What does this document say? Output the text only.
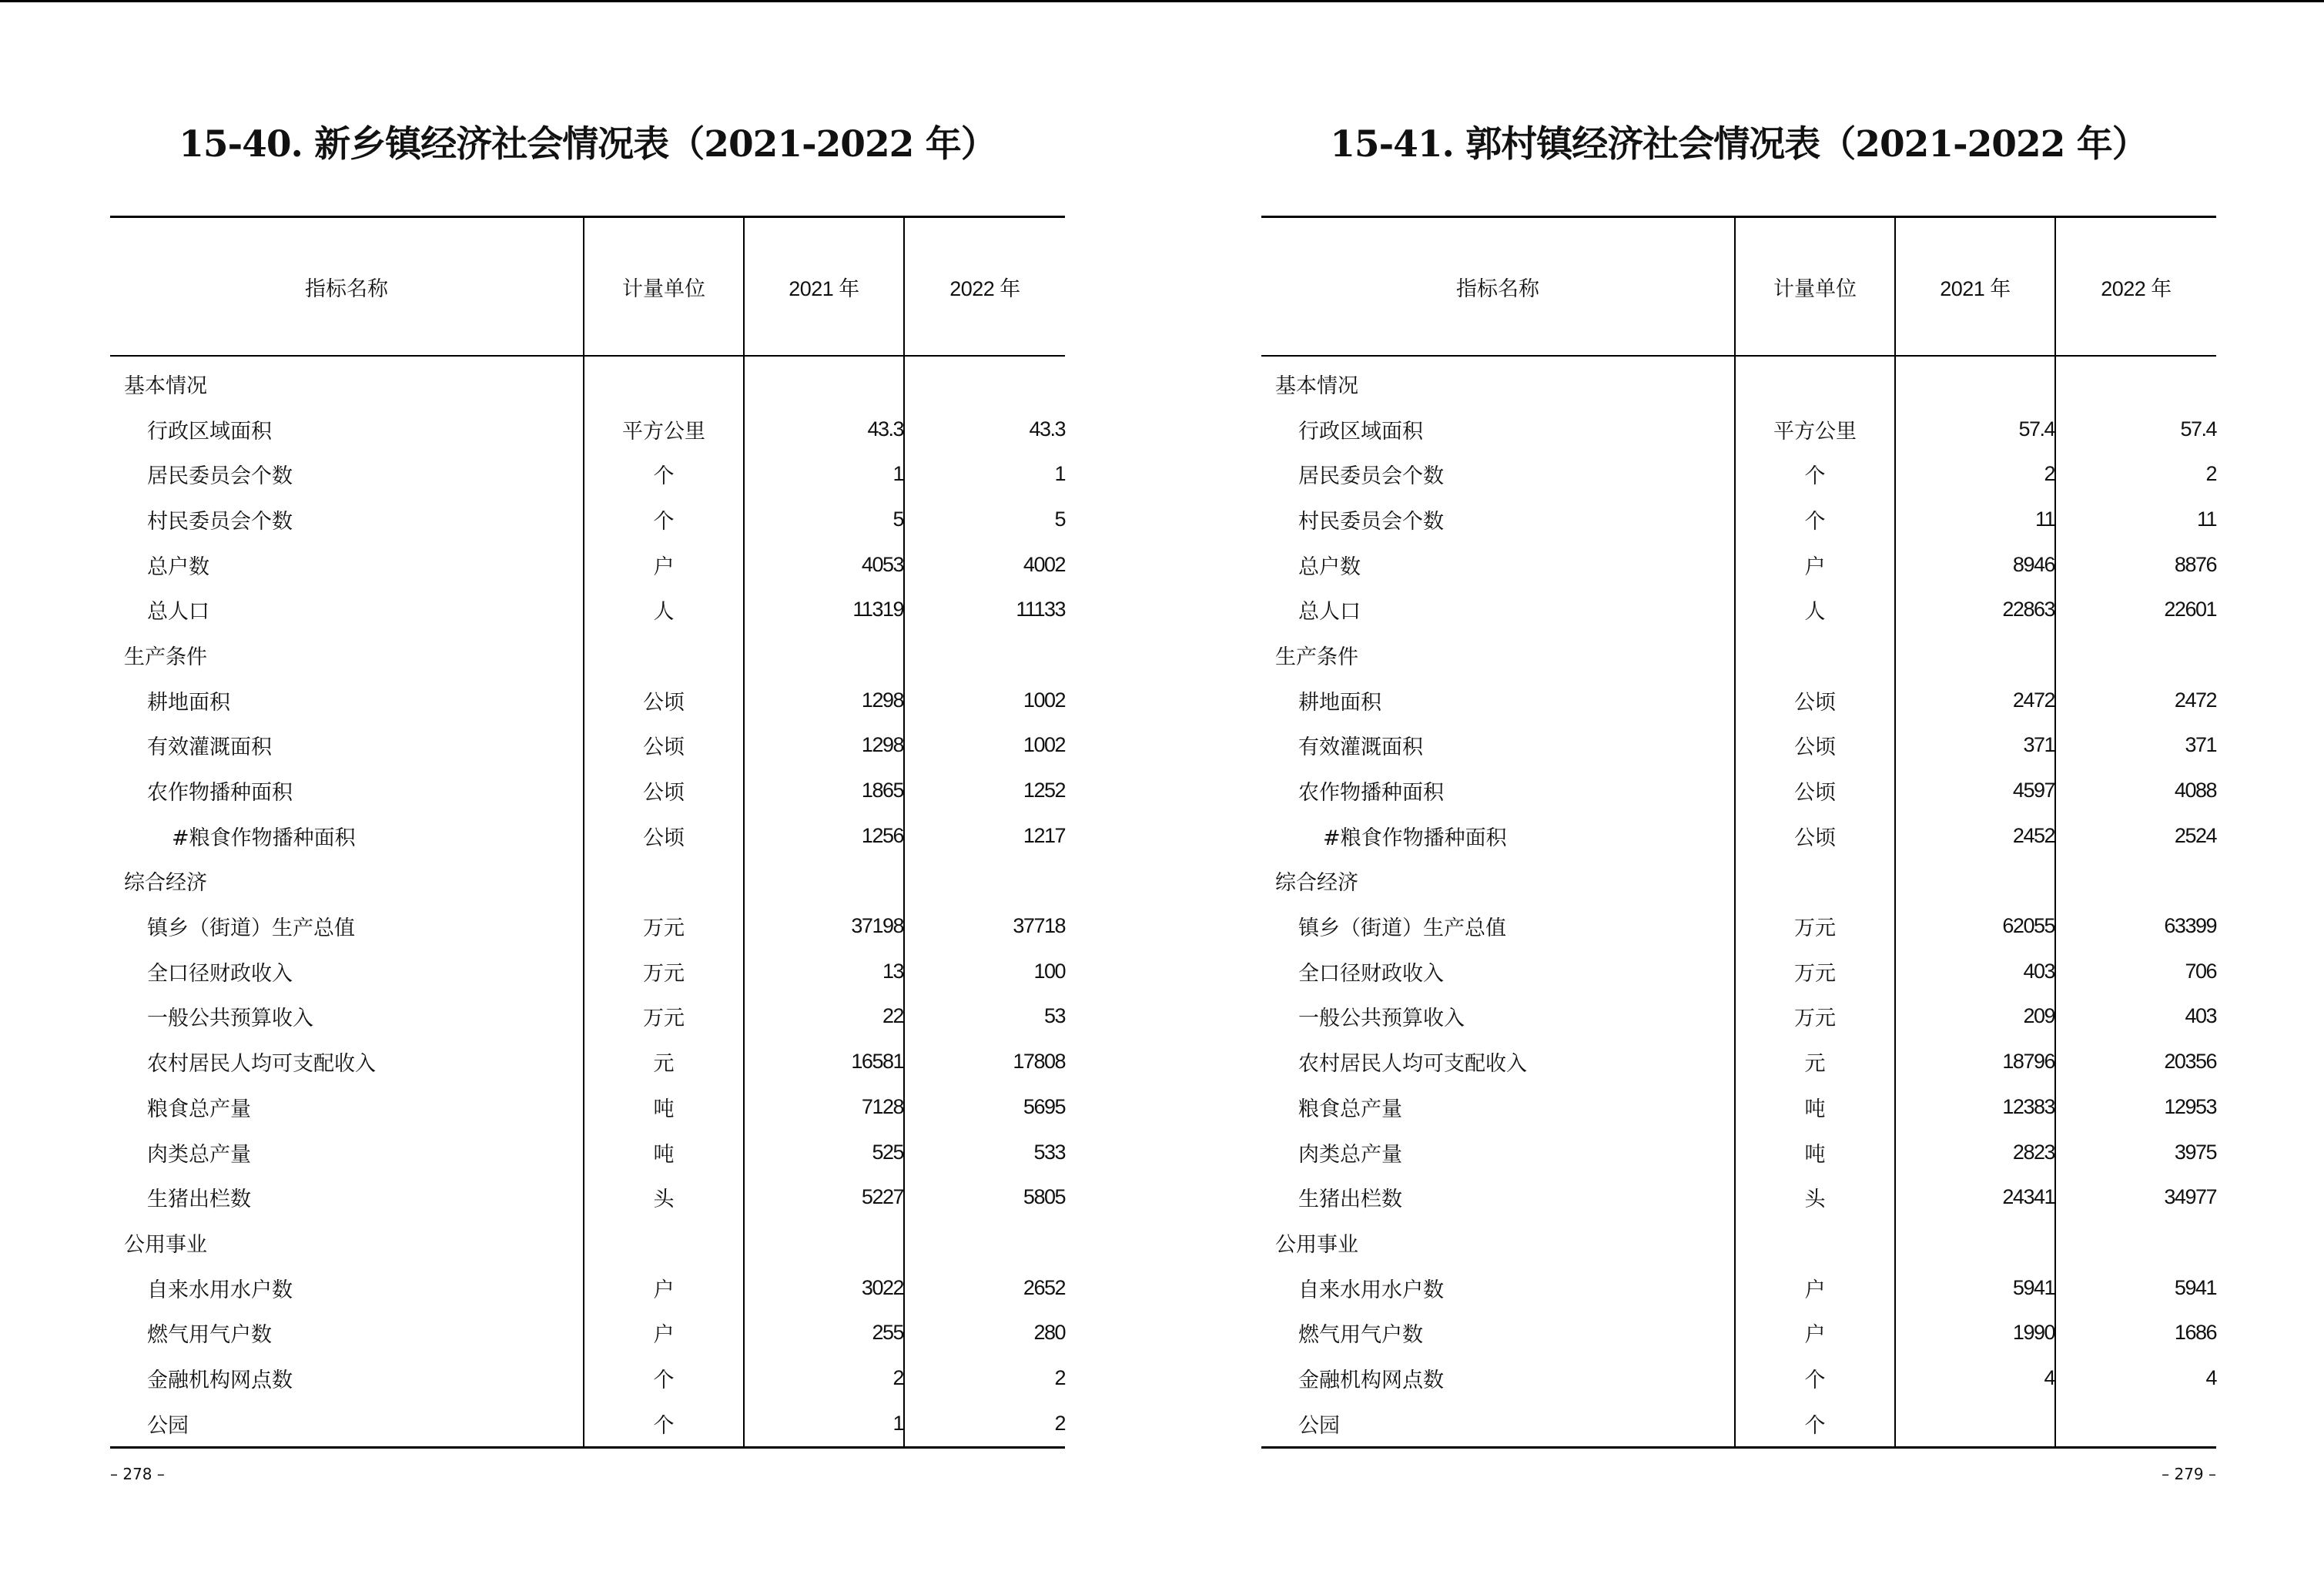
15-40. 新乡镇经济社会情况表（2021-2022 年）
指标名称	计量单位	2021 年	2022 年
基本情况			
行政区域面积	平方公里	43.3	43.3
居民委员会个数	个	1	1
村民委员会个数	个	5	5
总户数	户	4053	4002
总人口	人	11319	11133
生产条件			
耕地面积	公顷	1298	1002
有效灌溉面积	公顷	1298	1002
农作物播种面积	公顷	1865	1252
#粮食作物播种面积	公顷	1256	1217
综合经济			
镇乡（街道）生产总值	万元	37198	37718
全口径财政收入	万元	13	100
一般公共预算收入	万元	22	53
农村居民人均可支配收入	元	16581	17808
粮食总产量	吨	7128	5695
肉类总产量	吨	525	533
生猪出栏数	头	5227	5805
公用事业			
自来水用水户数	户	3022	2652
燃气用气户数	户	255	280
金融机构网点数	个	2	2
公园	个	1	2
– 278 –
15-41. 郭村镇经济社会情况表（2021-2022 年）
指标名称	计量单位	2021 年	2022 年
基本情况			
行政区域面积	平方公里	57.4	57.4
居民委员会个数	个	2	2
村民委员会个数	个	11	11
总户数	户	8946	8876
总人口	人	22863	22601
生产条件			
耕地面积	公顷	2472	2472
有效灌溉面积	公顷	371	371
农作物播种面积	公顷	4597	4088
#粮食作物播种面积	公顷	2452	2524
综合经济			
镇乡（街道）生产总值	万元	62055	63399
全口径财政收入	万元	403	706
一般公共预算收入	万元	209	403
农村居民人均可支配收入	元	18796	20356
粮食总产量	吨	12383	12953
肉类总产量	吨	2823	3975
生猪出栏数	头	24341	34977
公用事业			
自来水用水户数	户	5941	5941
燃气用气户数	户	1990	1686
金融机构网点数	个	4	4
公园	个		
– 279 –
